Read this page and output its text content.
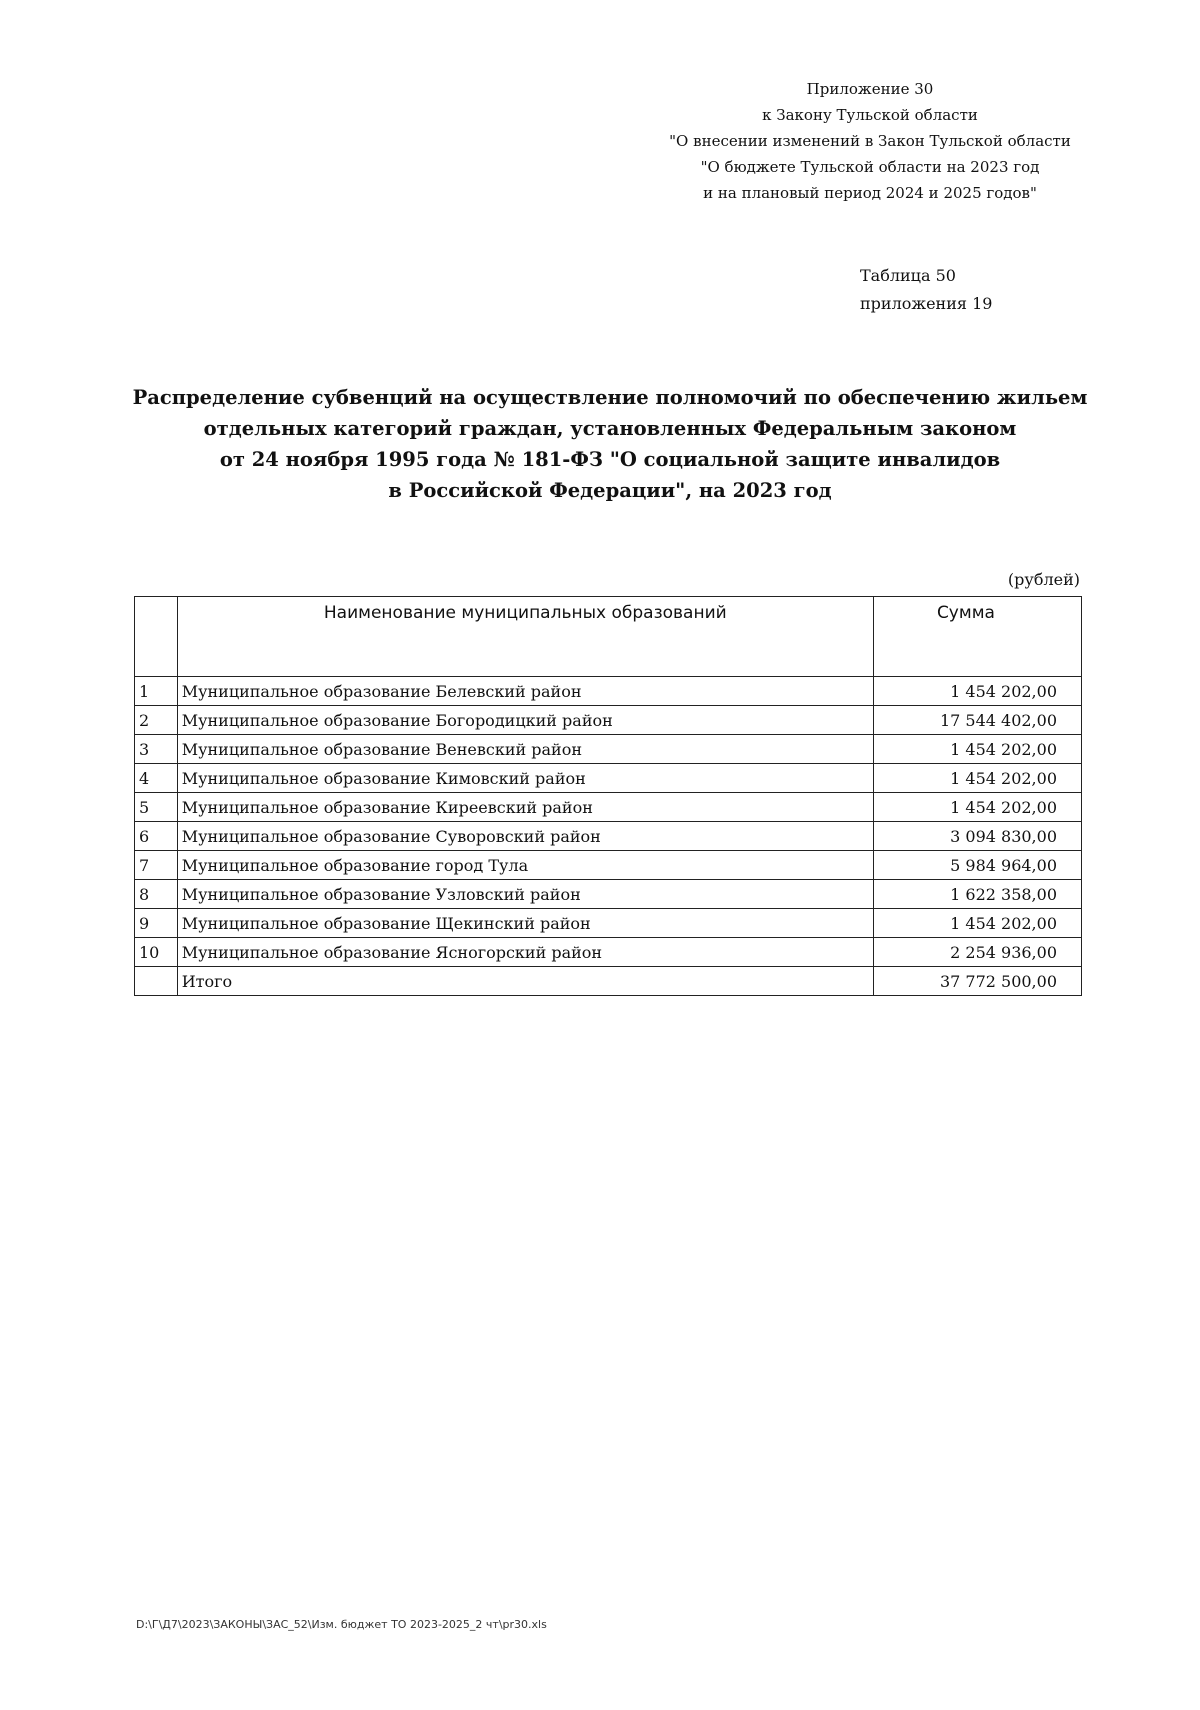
Приложение 30
к Закону Тульской области
"О внесении изменений в Закон Тульской области
"О бюджете Тульской области на 2023 год
и на плановый период 2024 и 2025 годов"
Таблица 50
приложения 19
Распределение субвенций на осуществление полномочий по обеспечению жильем
отдельных категорий граждан, установленных Федеральным законом
от 24 ноября 1995 года № 181-ФЗ "О социальной защите инвалидов
в Российской Федерации", на 2023 год
(рублей)
	Наименование муниципальных образований	Сумма
1	Муниципальное образование Белевский район	1 454 202,00
2	Муниципальное образование Богородицкий район	17 544 402,00
3	Муниципальное образование Веневский район	1 454 202,00
4	Муниципальное образование Кимовский район	1 454 202,00
5	Муниципальное образование Киреевский район	1 454 202,00
6	Муниципальное образование Суворовский район	3 094 830,00
7	Муниципальное образование город Тула	5 984 964,00
8	Муниципальное образование Узловский район	1 622 358,00
9	Муниципальное образование Щекинский район	1 454 202,00
10	Муниципальное образование Ясногорский район	2 254 936,00
	Итого	37 772 500,00
D:\Г\Д7\2023\ЗАКОНЫ\ЗАС_52\Изм. бюджет ТО 2023-2025_2 чт\pr30.xls
